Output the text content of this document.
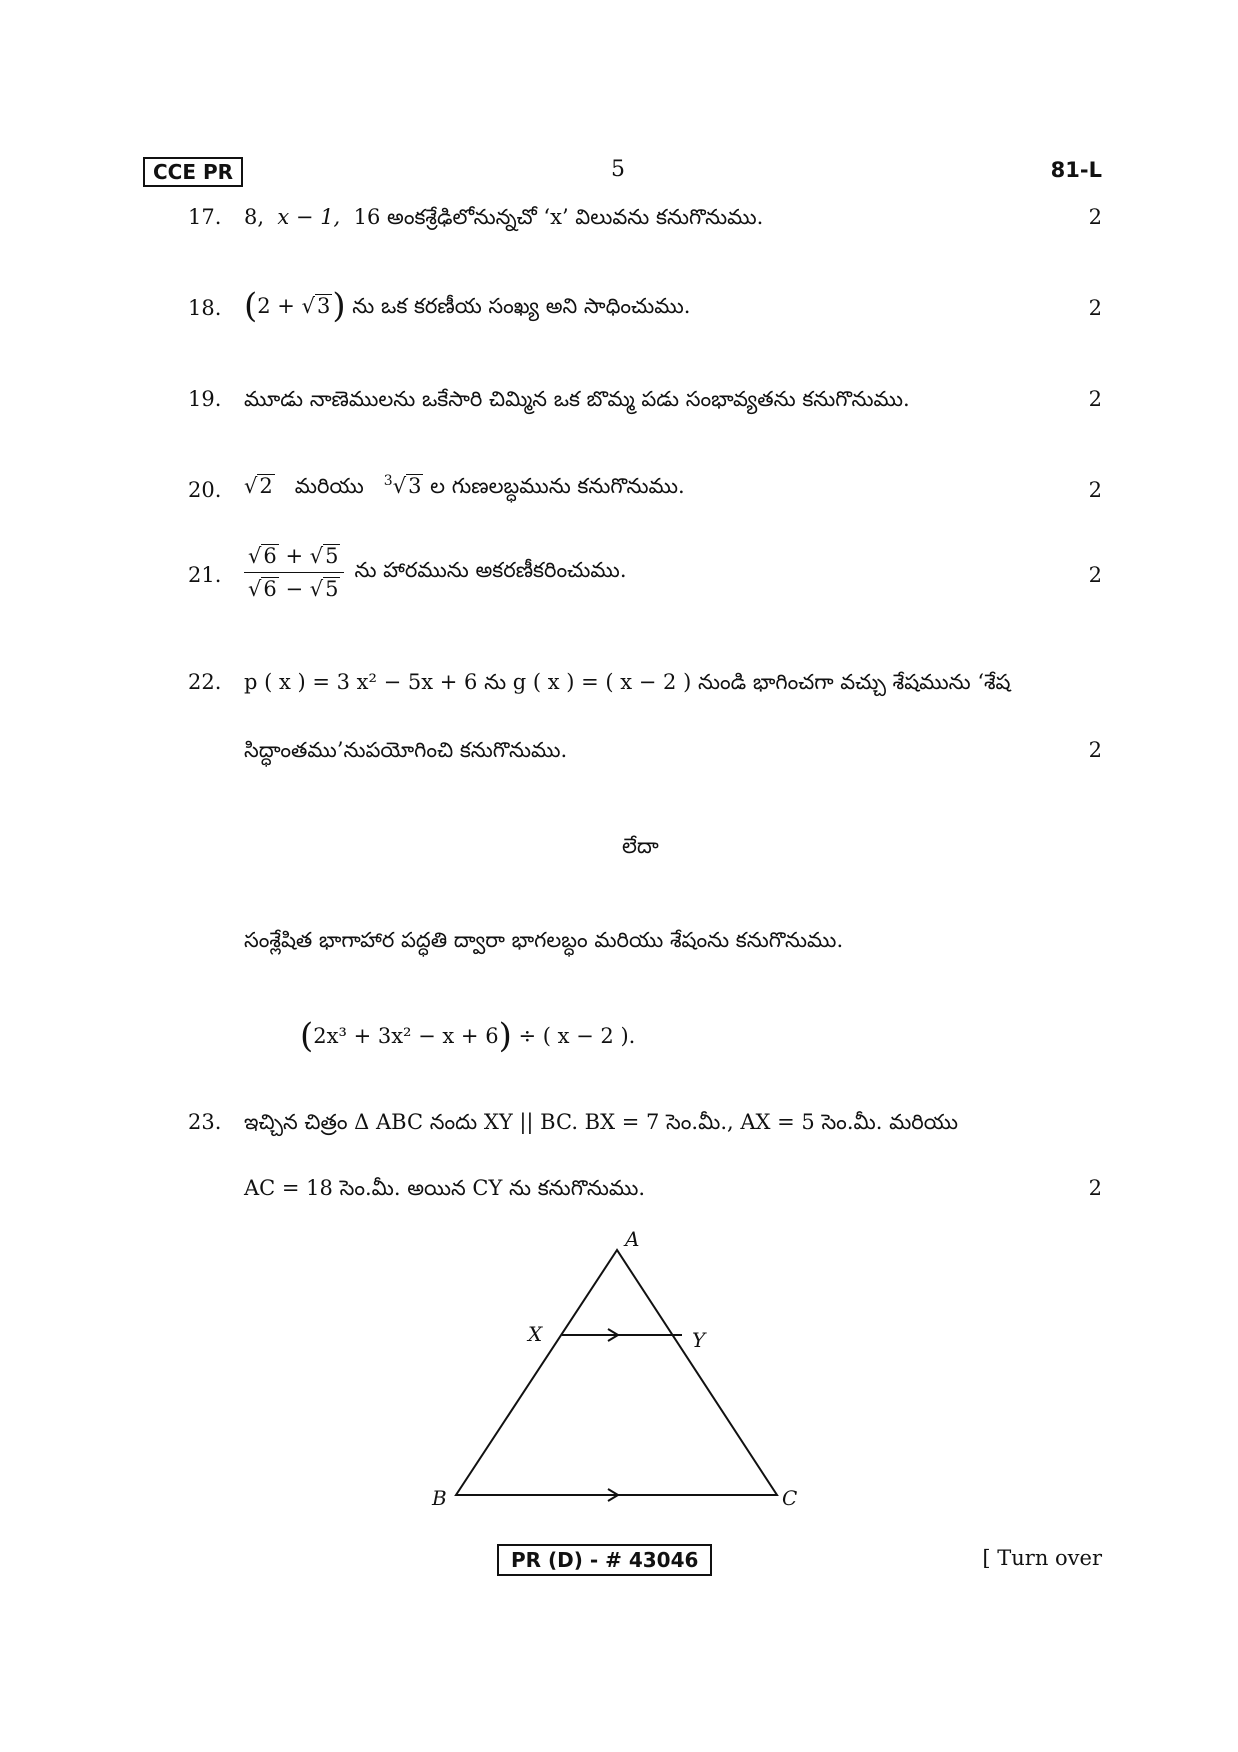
CCE PR	5	81-L
17. 8, x − 1, 16 అంకశ్రేఢిలోనున్నచో ‘x’ విలువను కనుగొనుము.	2
18. (2 + √3) ను ఒక కరణీయ సంఖ్య అని సాధించుము.	2
19. మూడు నాణెములను ఒకేసారి చిమ్మిన ఒక బొమ్మ పడు సంభావ్యతను కనుగొనుము.	2
20. √2 మరియు $^3$√3 ల గుణలబ్ధమును కనుగొనుము.	2
21. $\frac{√6 + √5}{√6 - √5}$ ను హారమును అకరణీకరించుము.	2
22. p ( x ) = 3 x² − 5x + 6 ను g ( x ) = ( x − 2 ) నుండి భాగించగా వచ్చు శేషమును ‘శేష
సిద్ధాంతము’నుపయోగించి కనుగొనుము.	2
లేదా
సంశ్లేషిత భాగాహార పద్ధతి ద్వారా భాగలబ్ధం మరియు శేషంను కనుగొనుము.
(2x³ + 3x² − x + 6) ÷ ( x − 2 ).
23. ఇచ్చిన చిత్రం Δ ABC నందు XY || BC. BX = 7 సెం.మీ., AX = 5 సెం.మీ. మరియు
AC = 18 సెం.మీ. అయిన CY ను కనుగొనుము.	2
A
X	Y
B	C
PR (D) - # 43046	[ Turn over
